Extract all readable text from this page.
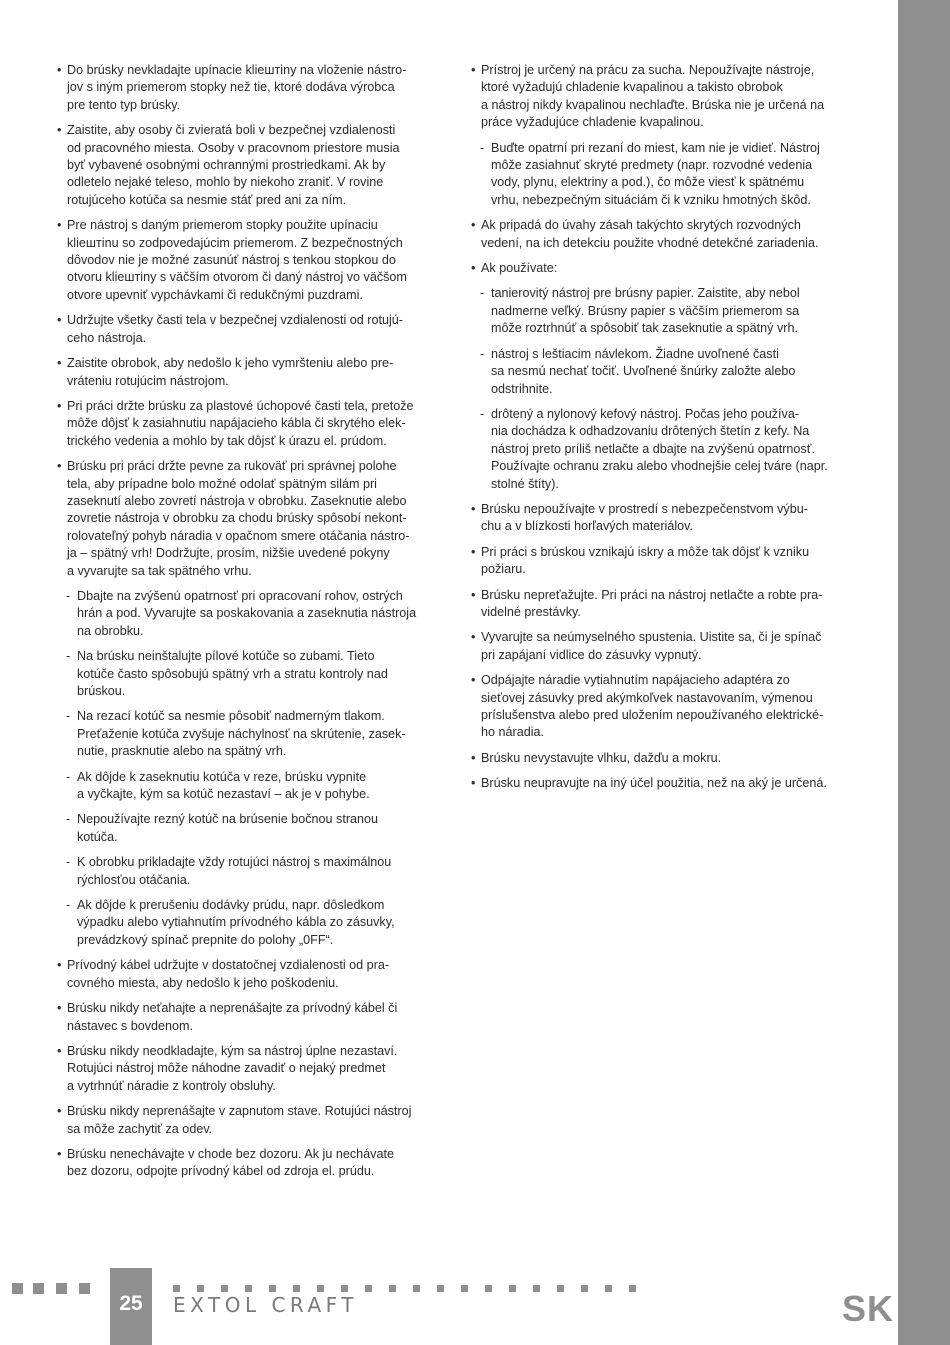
• Do brúsky nevkladajte upínacie kliештiny na vloženie nástro-
jov s iným priemerom stopky než tie, ktoré dodáva výrobca
pre tento typ brúsky.
• Zaistite, aby osoby či zvieratá boli v bezpečnej vzdialenosti
od pracovného miesta. Osoby v pracovnom priestore musia
byť vybavené osobnými ochrannými prostriedkami. Ak by
odletelo nejaké teleso, mohlo by niekoho zraniť. V rovine
rotujúceho kotúča sa nesmie stáť pred ani za ním.
• Pre nástroj s daným priemerom stopky použite upínaciu
kliештinu so zodpovedajúcim priemerom. Z bezpečnostných
dôvodov nie je možné zasunúť nástroj s tenkou stopkou do
otvoru kliештiny s väčším otvorom či daný nástroj vo väčšom
otvore upevniť vypchávkami či redukčnými puzdrami.
• Udržujte všetky časti tela v bezpečnej vzdialenosti od rotujú-
ceho nástroja.
• Zaistite obrobok, aby nedošlo k jeho vymršteniu alebo pre-
vráteniu rotujúcim nástrojom.
• Pri práci držte brúsku za plastové úchopové časti tela, pretože
môže dôjsť k zasiahnutiu napájacieho kábla či skrytého elek-
trického vedenia a mohlo by tak dôjsť k úrazu el. prúdom.
• Brúsku pri práci držte pevne za rukoväť pri správnej polohe
tela, aby prípadne bolo možné odolať spätným silám pri
zaseknutí alebo zovretí nástroja v obrobku. Zaseknutie alebo
zovretie nástroja v obrobku za chodu brúsky spôsobí nekont-
rolovateľný pohyb náradia v opačnom smere otáčania nástro-
ja – spätný vrh! Dodržujte, prosím, nižšie uvedené pokyny
a vyvarujte sa tak spätného vrhu.
- Dbajte na zvýšenú opatrnosť pri opracovaní rohov, ostrých
hrán a pod. Vyvarujte sa poskakovania a zaseknutia nástroja
na obrobku.
- Na brúsku neinštalujte pílové kotúče so zubami. Tieto
kotúče často spôsobujú spätný vrh a stratu kontroly nad
brúskou.
- Na rezací kotúč sa nesmie pôsobiť nadmerným tlakom.
Preťaženie kotúča zvyšuje náchylnosť na skrútenie, zasek-
nutie, prasknutie alebo na spätný vrh.
- Ak dôjde k zaseknutiu kotúča v reze, brúsku vypnite
a vyčkajte, kým sa kotúč nezastaví – ak je v pohybe.
- Nepoužívajte rezný kotúč na brúsenie bočnou stranou
kotúča.
- K obrobku prikladajte vždy rotujúci nástroj s maximálnou
rýchlosťou otáčania.
- Ak dôjde k prerušeniu dodávky prúdu, napr. dôsledkom
výpadku alebo vytiahnutím prívodného kábla zo zásuvky,
prevádzkový spínač prepnite do polohy „0FF“.
• Prívodný kábel udržujte v dostatočnej vzdialenosti od pra-
covného miesta, aby nedošlo k jeho poškodeniu.
• Brúsku nikdy neťahajte a neprenášajte za prívodný kábel či
nástavec s bovdenom.
• Brúsku nikdy neodkladajte, kým sa nástroj úplne nezastaví.
Rotujúci nástroj môže náhodne zavadiť o nejaký predmet
a vytrhnúť náradie z kontroly obsluhy.
• Brúsku nikdy neprenášajte v zapnutom stave. Rotujúci nástroj
sa môže zachytiť za odev.
• Brúsku nenechávajte v chode bez dozoru. Ak ju nechávate
bez dozoru, odpojte prívodný kábel od zdroja el. prúdu.
• Prístroj je určený na prácu za sucha. Nepoužívajte nástroje,
ktoré vyžadujú chladenie kvapalinou a takisto obrobok
a nástroj nikdy kvapalinou nechlaďte. Brúska nie je určená na
práce vyžadujúce chladenie kvapalinou.
- Buďte opatrní pri rezaní do miest, kam nie je vidieť. Nástroj
môže zasiahnuť skryté predmety (napr. rozvodné vedenia
vody, plynu, elektriny a pod.), čo môže viesť k spätnému
vrhu, nebezpečným situáciám či k vzniku hmotných škôd.
• Ak pripadá do úvahy zásah takýchto skrytých rozvodných
vedení, na ich detekciu použite vhodné detekčné zariadenia.
• Ak používate:
- tanierovitý nástroj pre brúsny papier. Zaistite, aby nebol
nadmerne veľký. Brúsny papier s väčším priemerom sa
môže roztrhnúť a spôsobiť tak zaseknutie a spätný vrh.
- nástroj s leštiacim návlekom. Žiadne uvoľnené časti
sa nesmú nechať točiť. Uvoľnené šnúrky založte alebo
odstrihnite.
- drôtený a nylonový kefový nástroj. Počas jeho používa-
nia dochádza k odhadzovaniu drôtených štetín z kefy. Na
nástroj preto príliš netlačte a dbajte na zvýšenú opatrnosť.
Používajte ochranu zraku alebo vhodnejšie celej tváre (napr.
stolné štíty).
• Brúsku nepoužívajte v prostredí s nebezpečenstvom výbu-
chu a v blízkosti horľavých materiálov.
• Pri práci s brúskou vznikajú iskry a môže tak dôjsť k vzniku
požiaru.
• Brúsku nepreťažujte. Pri práci na nástroj netlačte a robte pra-
videlné prestávky.
• Vyvarujte sa neúmyselného spustenia. Uistite sa, či je spínač
pri zapájaní vidlice do zásuvky vypnutý.
• Odpájajte náradie vytiahnutím napájacieho adaptéra zo
sieťovej zásuvky pred akýmkoľvek nastavovaním, výmenou
príslušenstva alebo pred uložením nepoužívaného elektrické-
ho náradia.
• Brúsku nevystavujte vlhku, dažďu a mokru.
• Brúsku neupravujte na iný účel použitia, než na aký je určená.
25	EXTOL CRAFT	SK
